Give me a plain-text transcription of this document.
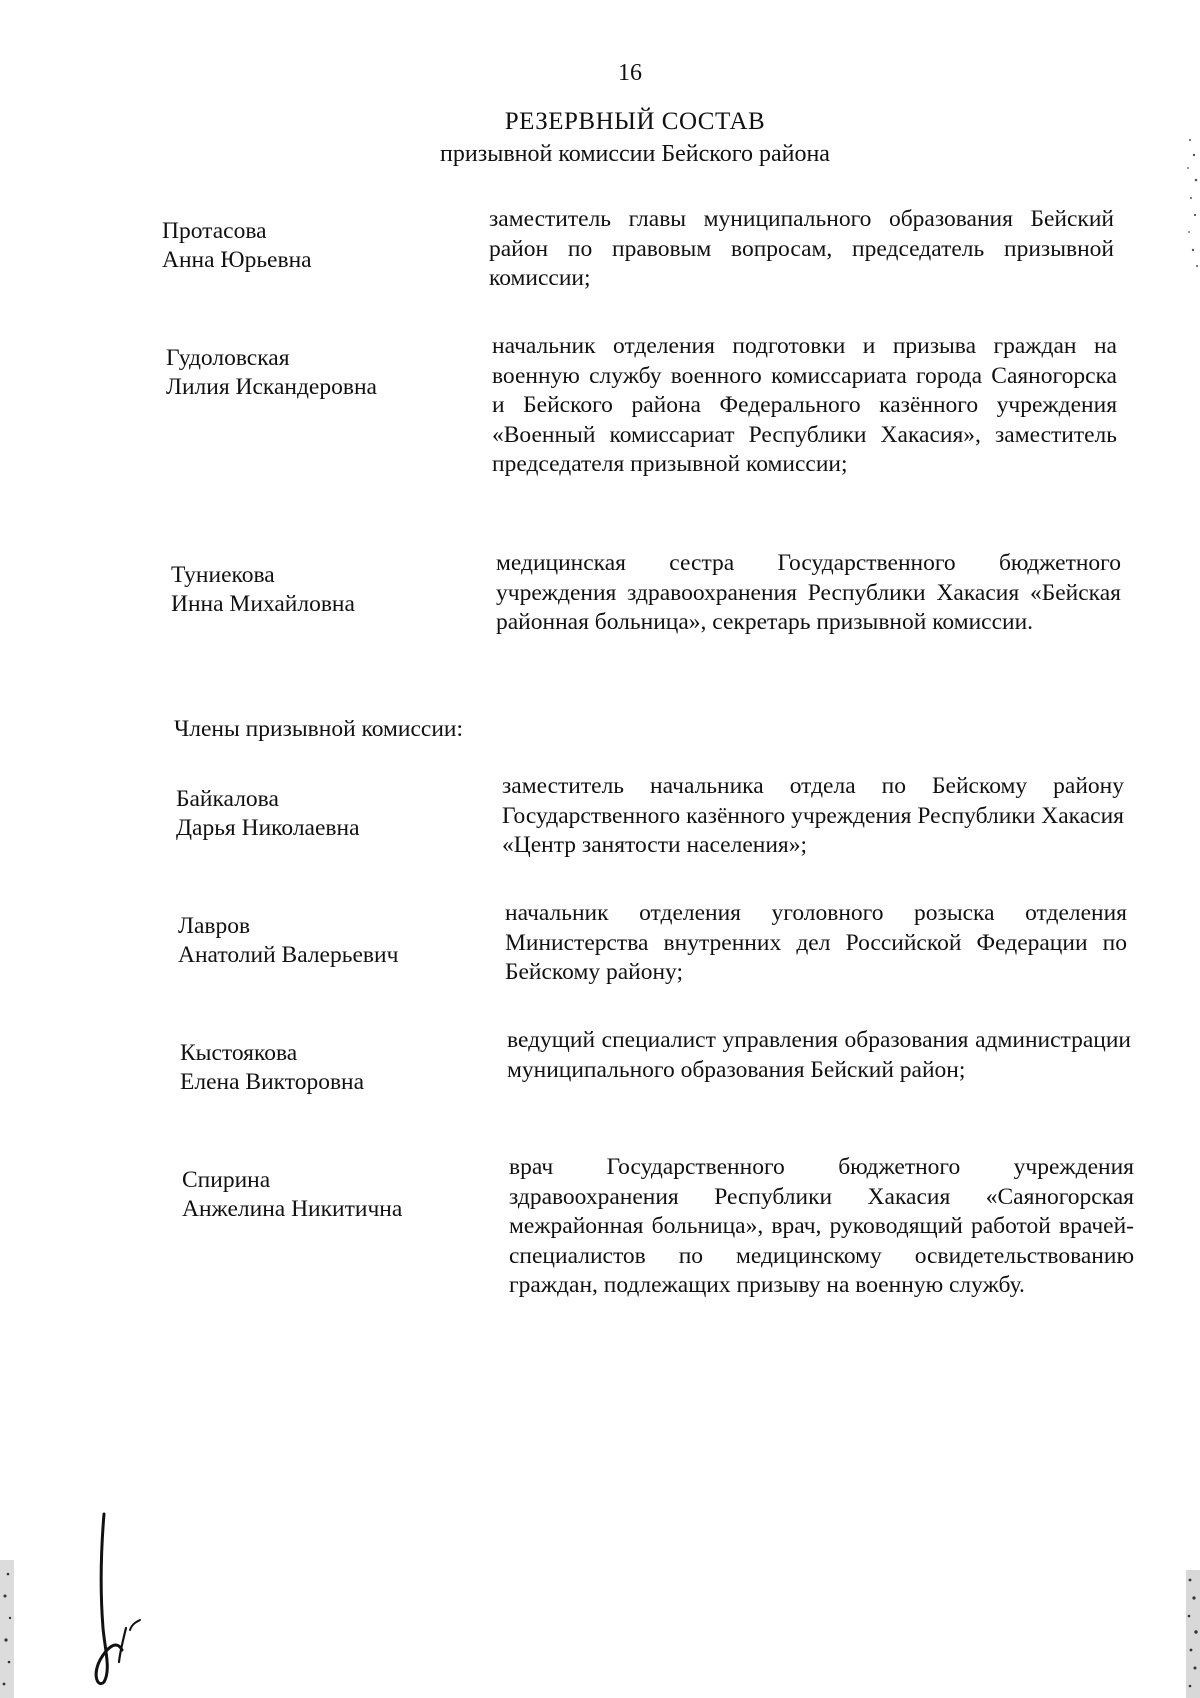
16
РЕЗЕРВНЫЙ СОСТАВ
призывной комиссии Бейского района
Протасова
Анна Юрьевна
заместитель главы муниципального образования Бейский район по правовым вопросам, председатель призывной комиссии;
Гудоловская
Лилия Искандеровна
начальник отделения подготовки и призыва граждан на военную службу военного комиссариата города Саяногорска и Бейского района Федерального казённого учреждения «Военный комиссариат Республики Хакасия», заместитель председателя призывной комиссии;
Туниекова
Инна Михайловна
медицинская сестра Государственного бюджетного учреждения здравоохранения Республики Хакасия «Бейская районная больница», секретарь призывной комиссии.
Члены призывной комиссии:
Байкалова
Дарья Николаевна
заместитель начальника отдела по Бейскому району Государственного казённого учреждения Республики Хакасия «Центр занятости населения»;
Лавров
Анатолий Валерьевич
начальник отделения уголовного розыска отделения Министерства внутренних дел Российской Федерации по Бейскому району;
Кыстоякова
Елена Викторовна
ведущий специалист управления образования администрации муниципального образования Бейский район;
Спирина
Анжелина Никитична
врач Государственного бюджетного учреждения здравоохранения Республики Хакасия «Саяногорская межрайонная больница», врач, руководящий работой врачей-специалистов по медицинскому освидетельствованию граждан, подлежащих призыву на военную службу.
